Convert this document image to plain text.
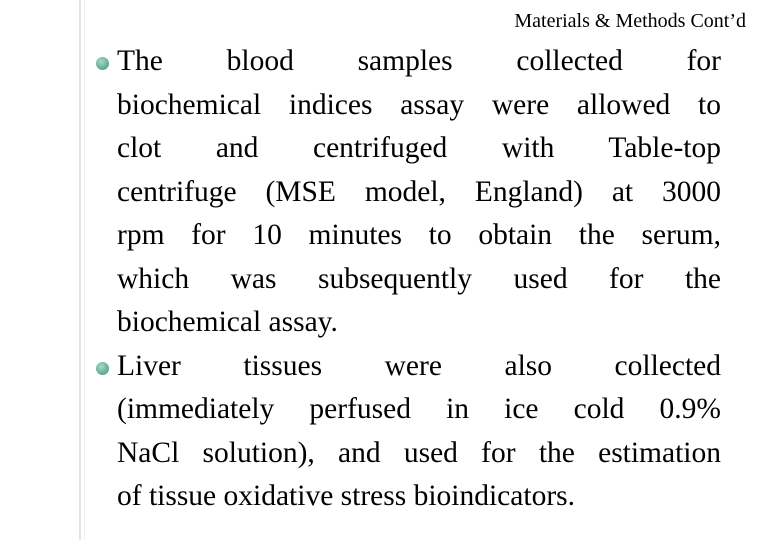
Materials & Methods Cont’d
The blood samples collected for
biochemical indices assay were allowed to
clot and centrifuged with Table-top
centrifuge (MSE model, England) at 3000
rpm for 10 minutes to obtain the serum,
which was subsequently used for the
biochemical assay.
Liver tissues were also collected
(immediately perfused in ice cold 0.9%
NaCl solution), and used for the estimation
of tissue oxidative stress bioindicators.
